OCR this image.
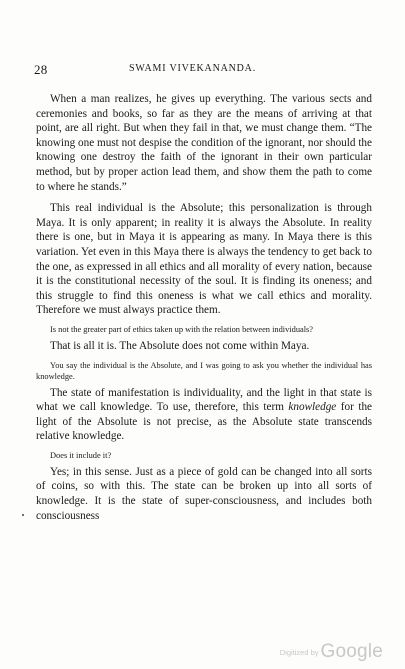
28	SWAMI VIVEKANANDA.

When a man realizes, he gives up everything. The various sects and ceremonies and books, so far as they are the means of arriving at that point, are all right. But when they fail in that, we must change them. “The knowing one must not despise the condition of the ignorant, nor should the knowing one destroy the faith of the ignorant in their own particular method, but by proper action lead them, and show them the path to come to where he stands.”

This real individual is the Absolute; this personalization is through Maya. It is only apparent; in reality it is always the Absolute. In reality there is one, but in Maya it is appearing as many. In Maya there is this variation. Yet even in this Maya there is always the tendency to get back to the one, as expressed in all ethics and all morality of every nation, because it is the constitutional necessity of the soul. It is finding its oneness; and this struggle to find this oneness is what we call ethics and morality. Therefore we must always practice them.

Is not the greater part of ethics taken up with the relation between individuals?

That is all it is. The Absolute does not come within Maya.

You say the individual is the Absolute, and I was going to ask you whether the individual has knowledge.

The state of manifestation is individuality, and the light in that state is what we call knowledge. To use, therefore, this term knowledge for the light of the Absolute is not precise, as the Absolute state transcends relative knowledge.

Does it include it?

Yes; in this sense. Just as a piece of gold can be changed into all sorts of coins, so with this. The state can be broken up into all sorts of knowledge. It is the state of super-consciousness, and includes both consciousness

Digitized by Google
